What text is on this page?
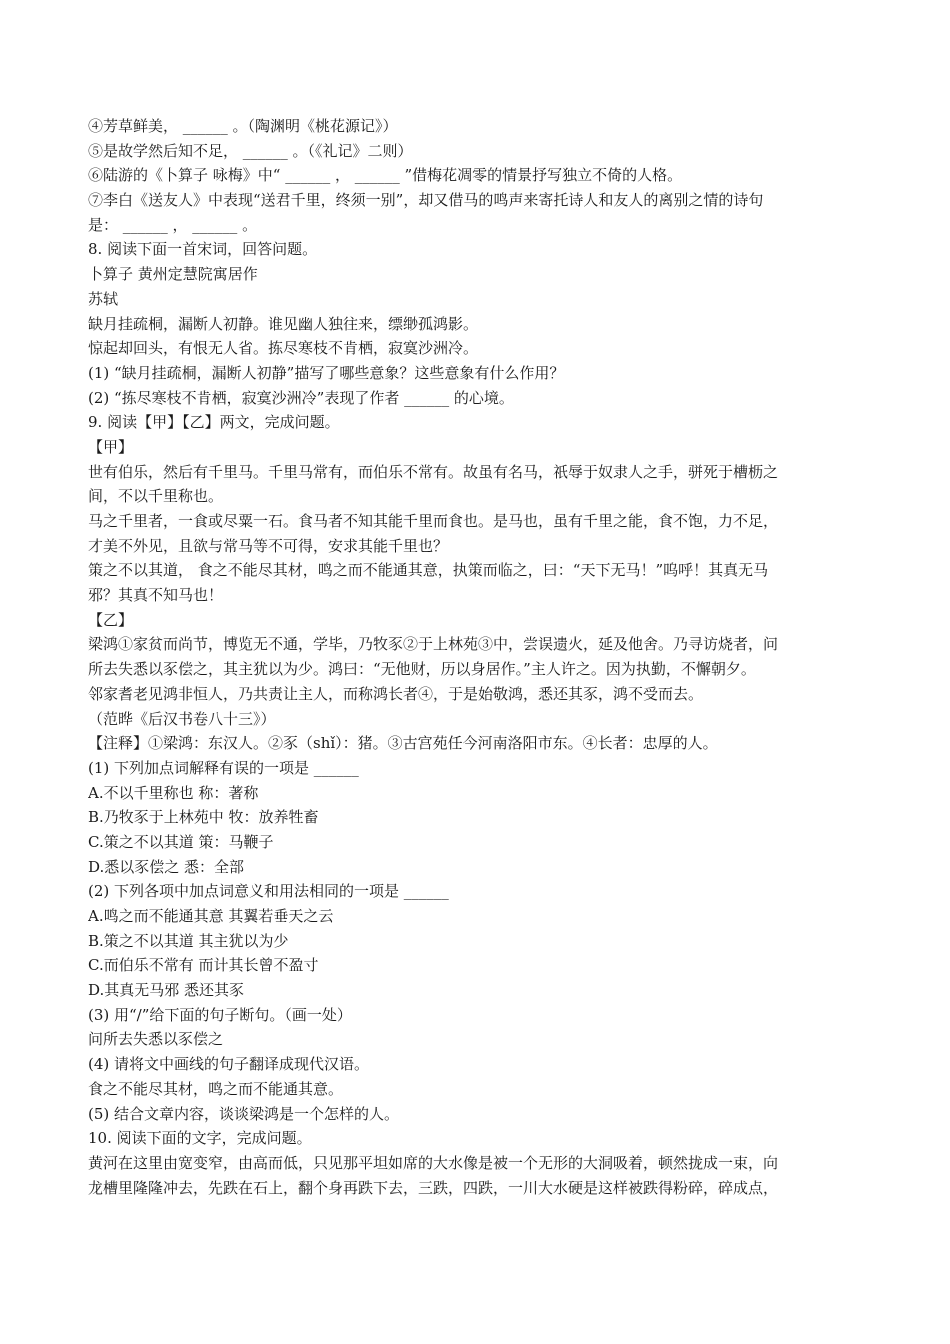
④芳草鲜美， ______ 。（陶渊明《桃花源记》）
⑤是故学然后知不足， ______ 。（《礼记》二则）
⑥陆游的《卜算子 咏梅》中“ ______ ， ______ ”借梅花凋零的情景抒写独立不倚的人格。
⑦李白《送友人》中表现“送君千里，终须一别”，却又借马的鸣声来寄托诗人和友人的离别之情的诗句
是： ______ ， ______ 。
8. 阅读下面一首宋词，回答问题。
卜算子 黄州定慧院寓居作
苏轼
缺月挂疏桐，漏断人初静。谁见幽人独往来，缥缈孤鸿影。
惊起却回头，有恨无人省。拣尽寒枝不肯栖，寂寞沙洲冷。
(1) “缺月挂疏桐，漏断人初静”描写了哪些意象？这些意象有什么作用？
(2) “拣尽寒枝不肯栖，寂寞沙洲冷”表现了作者 ______ 的心境。
9. 阅读【甲】【乙】两文，完成问题。
【甲】
世有伯乐，然后有千里马。千里马常有，而伯乐不常有。故虽有名马，祇辱于奴隶人之手，骈死于槽枥之
间，不以千里称也。
马之千里者，一食或尽粟一石。食马者不知其能千里而食也。是马也，虽有千里之能，食不饱，力不足，
才美不外见，且欲与常马等不可得，安求其能千里也？
策之不以其道， 食之不能尽其材，鸣之而不能通其意，执策而临之，曰：“天下无马！”呜呼！其真无马
邪？其真不知马也！
【乙】
梁鸿①家贫而尚节，博览无不通，学毕，乃牧豕②于上林苑③中，尝误遗火，延及他舍。乃寻访烧者，问
所去失悉以豕偿之，其主犹以为少。鸿曰：“无他财，历以身居作。”主人许之。因为执勤，不懈朝夕。
邻家耆老见鸿非恒人，乃共责让主人，而称鸿长者④，于是始敬鸿，悉还其豕，鸿不受而去。
（范晔《后汉书卷八十三》）
【注释】①梁鸿：东汉人。②豕（shǐ）：猪。③古宫苑任今河南洛阳市东。④长者：忠厚的人。
(1) 下列加点词解释有误的一项是 ______
A.不以千里称也 称：著称
B.乃牧豕于上林苑中 牧：放养牲畜
C.策之不以其道 策：马鞭子
D.悉以豕偿之 悉：全部
(2) 下列各项中加点词意义和用法相同的一项是 ______
A.鸣之而不能通其意 其翼若垂天之云
B.策之不以其道 其主犹以为少
C.而伯乐不常有 而计其长曾不盈寸
D.其真无马邪 悉还其豕
(3) 用“/”给下面的句子断句。（画一处）
问所去失悉以豕偿之
(4) 请将文中画线的句子翻译成现代汉语。
食之不能尽其材，鸣之而不能通其意。
(5) 结合文章内容，谈谈梁鸿是一个怎样的人。
10. 阅读下面的文字，完成问题。
黄河在这里由宽变窄，由高而低，只见那平坦如席的大水像是被一个无形的大洞吸着，顿然拢成一束，向
龙槽里隆隆冲去，先跌在石上，翻个身再跌下去，三跌，四跌，一川大水硬是这样被跌得粉碎，碎成点，
